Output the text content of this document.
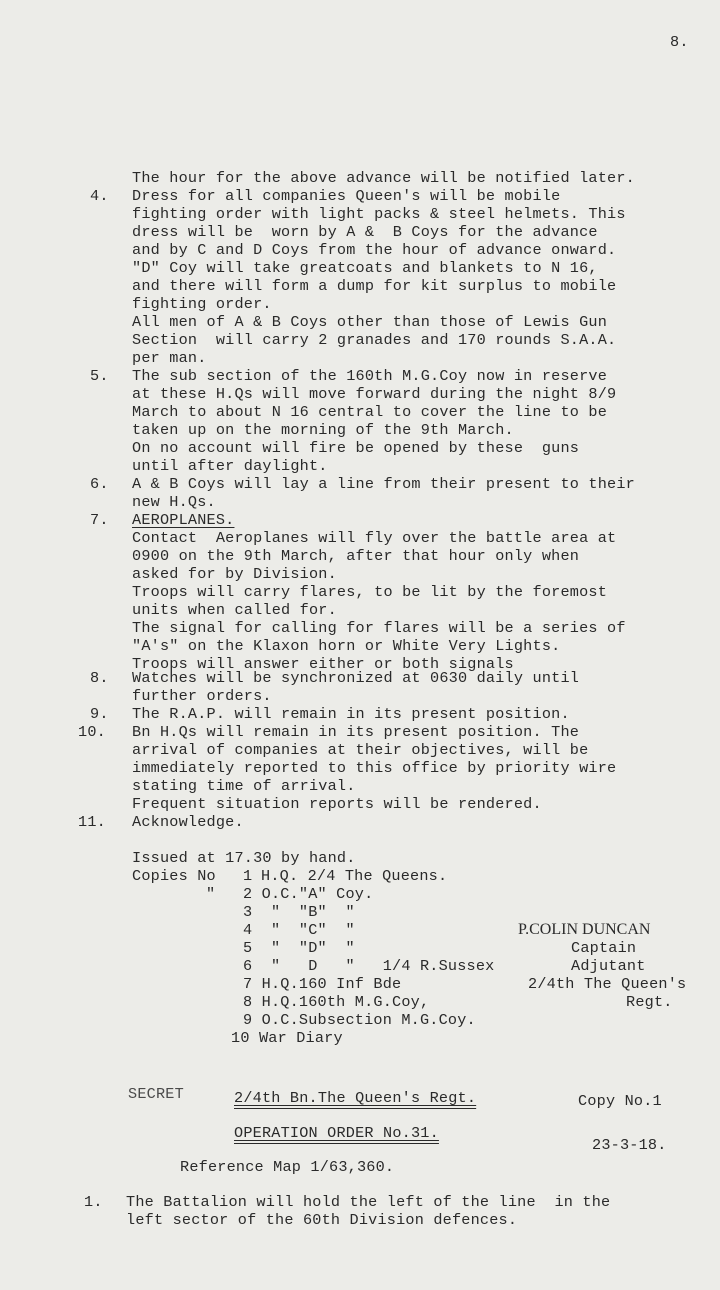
8.
4.
5.
6.
7.
8.
9.
10.
11.
The hour for the above advance will be notified later.
Dress for all companies Queen's will be mobile
fighting order with light packs & steel helmets. This
dress will be  worn by A &  B Coys for the advance
and by C and D Coys from the hour of advance onward.
"D" Coy will take greatcoats and blankets to N 16,
and there will form a dump for kit surplus to mobile
fighting order.
All men of A & B Coys other than those of Lewis Gun
Section  will carry 2 granades and 170 rounds S.A.A.
per man.
The sub section of the 160th M.G.Coy now in reserve
at these H.Qs will move forward during the night 8/9
March to about N 16 central to cover the line to be
taken up on the morning of the 9th March.
On no account will fire be opened by these  guns
until after daylight.
A & B Coys will lay a line from their present to their
new H.Qs.
AEROPLANES.
Contact  Aeroplanes will fly over the battle area at
0900 on the 9th March, after that hour only when
asked for by Division.
Troops will carry flares, to be lit by the foremost
units when called for.
The signal for calling for flares will be a series of
"A's" on the Klaxon horn or White Very Lights.
Troops will answer either or both signals
Watches will be synchronized at 0630 daily until
further orders.
The R.A.P. will remain in its present position.
Bn H.Qs will remain in its present position. The
arrival of companies at their objectives, will be
immediately reported to this office by priority wire
stating time of arrival.
Frequent situation reports will be rendered.
Acknowledge.
Issued at 17.30 by hand.
Copies No 1 H.Q. 2/4 The Queens.
" 2 O.C."A" Coy.
3  "  "B"  "
4  "  "C"  "
5  "  "D"  "
6  "   D   "   1/4 R.Sussex
7 H.Q.160 Inf Bde
8 H.Q.160th M.G.Coy,
9 O.C.Subsection M.G.Coy.
10 War Diary
P.COLIN DUNCAN
Captain
Adjutant
2/4th The Queen's
Regt.
SECRET	2/4th Bn.The Queen's Regt.	Copy No.1
OPERATION ORDER No.31.
23-3-18.
Reference Map 1/63,360.
1. The Battalion will hold the left of the line  in the
left sector of the 60th Division defences.
